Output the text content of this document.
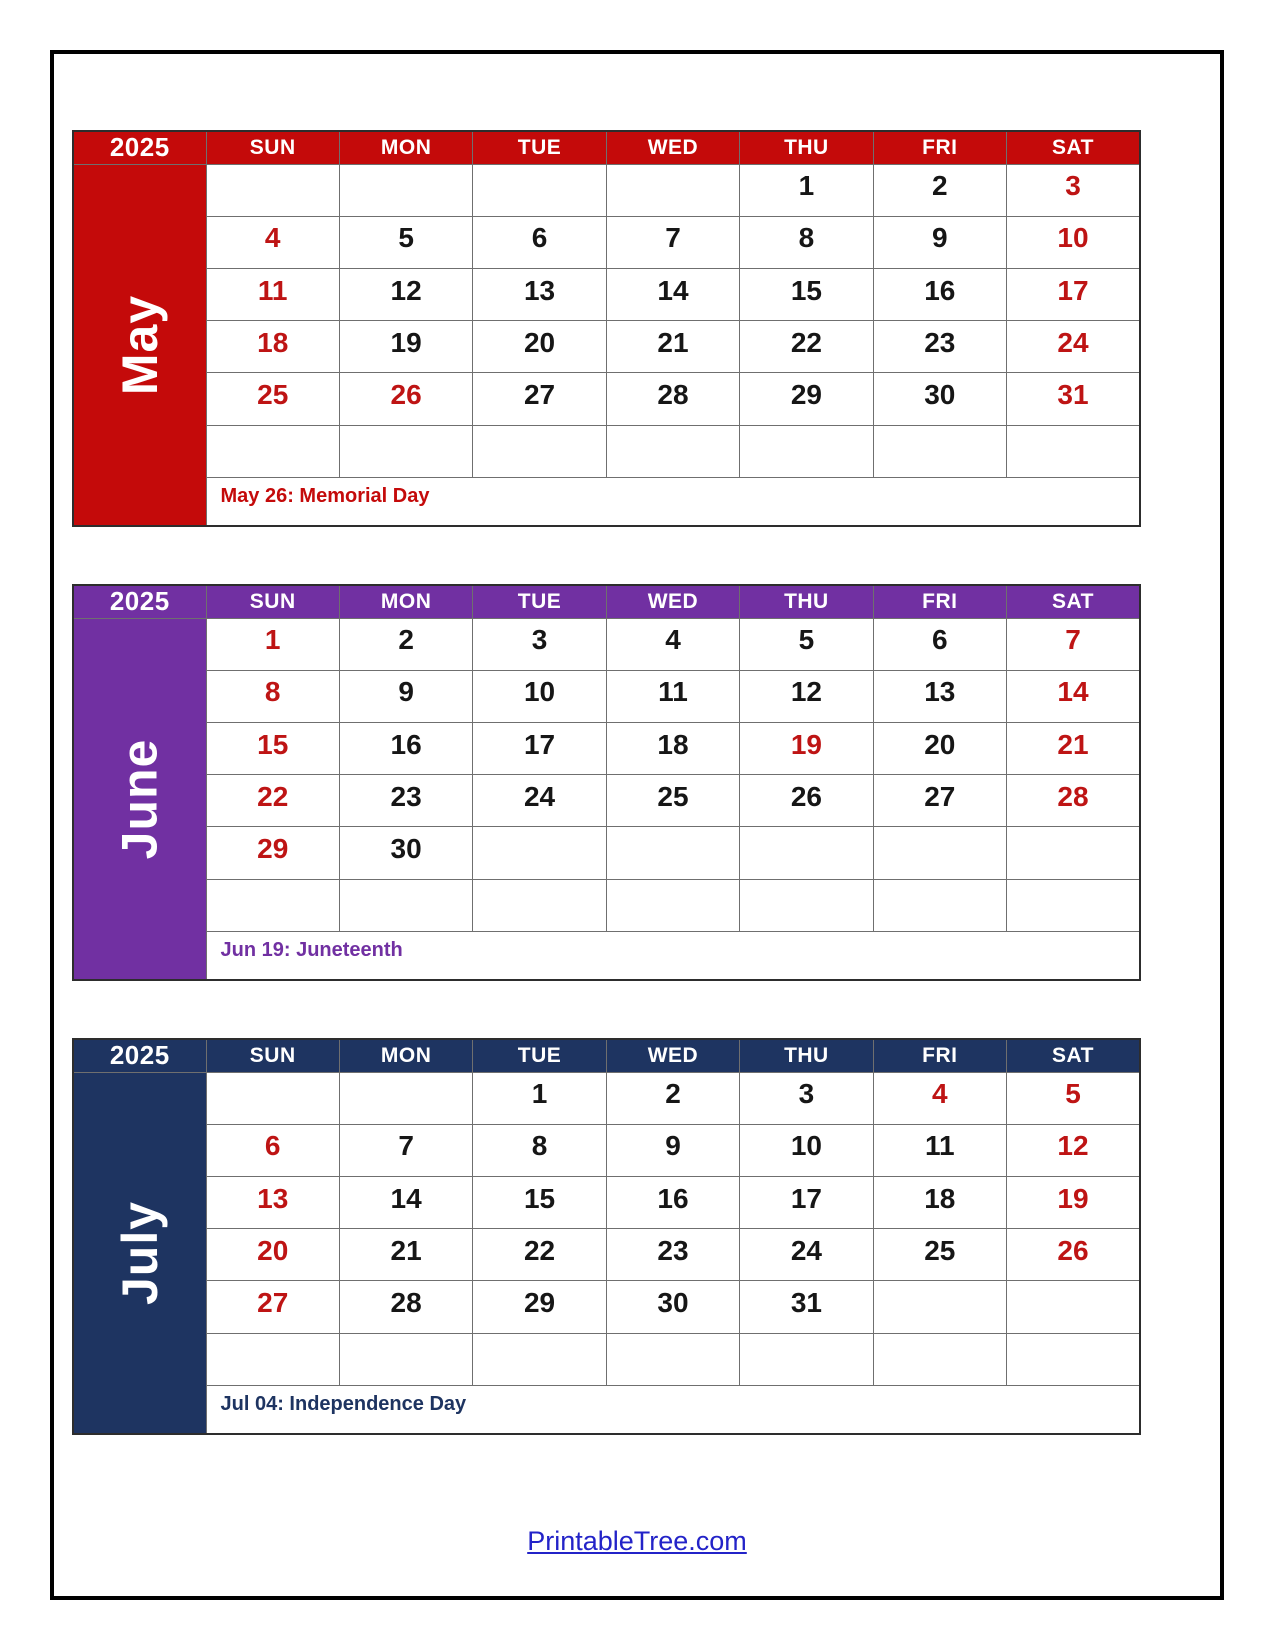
2025	SUN	MON	TUE	WED	THU	FRI	SAT

May					1	2	3
	4	5	6	7	8	9	10
	11	12	13	14	15	16	17
	18	19	20	21	22	23	24
	25	26	27	28	29	30	31

	May 26: Memorial Day						
2025	SUN	MON	TUE	WED	THU	FRI	SAT

June	1	2	3	4	5	6	7
	8	9	10	11	12	13	14
	15	16	17	18	19	20	21
	22	23	24	25	26	27	28
	29	30					

	Jun 19: Juneteenth						
2025	SUN	MON	TUE	WED	THU	FRI	SAT

July			1	2	3	4	5
	6	7	8	9	10	11	12
	13	14	15	16	17	18	19
	20	21	22	23	24	25	26
	27	28	29	30	31		

	Jul 04: Independence Day						
PrintableTree.com
